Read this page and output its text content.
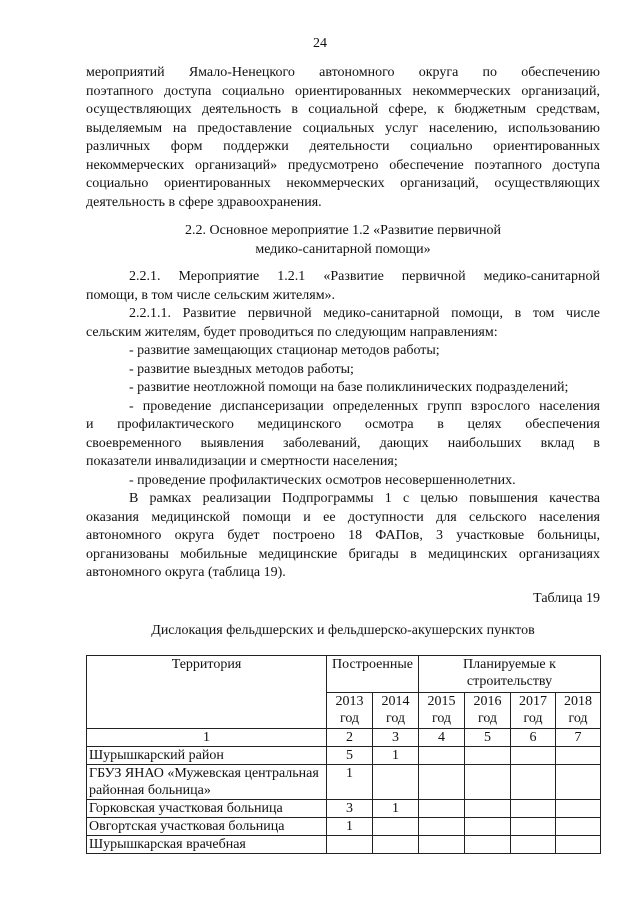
24
мероприятий Ямало-Ненецкого автономного округа по обеспечению
поэтапного доступа социально ориентированных некоммерческих организаций,
осуществляющих деятельность в социальной сфере, к бюджетным средствам,
выделяемым на предоставление социальных услуг населению, использованию
различных форм поддержки деятельности социально ориентированных
некоммерческих организаций» предусмотрено обеспечение поэтапного доступа
социально ориентированных некоммерческих организаций, осуществляющих
деятельность в сфере здравоохранения.
2.2. Основное мероприятие 1.2 «Развитие первичной
медико-санитарной помощи»
2.2.1. Мероприятие 1.2.1 «Развитие первичной медико-санитарной
помощи, в том числе сельским жителям».
2.2.1.1. Развитие первичной медико-санитарной помощи, в том числе
сельским жителям, будет проводиться по следующим направлениям:
- развитие замещающих стационар методов работы;
- развитие выездных методов работы;
- развитие неотложной помощи на базе поликлинических подразделений;
- проведение диспансеризации определенных групп взрослого населения
и профилактического медицинского осмотра в целях обеспечения
своевременного выявления заболеваний, дающих наибольших вклад в
показатели инвалидизации и смертности населения;
- проведение профилактических осмотров несовершеннолетних.
В рамках реализации Подпрограммы 1 с целью повышения качества
оказания медицинской помощи и ее доступности для сельского населения
автономного округа будет построено 18 ФАПов, 3 участковые больницы,
организованы мобильные медицинские бригады в медицинских организациях
автономного округа (таблица 19).
Таблица 19
Дислокация фельдшерских и фельдшерско-акушерских пунктов
Территория	Построенные		Планируемые к строительству			
	2013 год	2014 год	2015 год	2016 год	2017 год	2018 год
1	2	3	4	5	6	7
Шурышкарский район	5	1				
ГБУЗ ЯНАО «Мужевская центральная районная больница»	1					
Горковская участковая больница	3	1				
Овгортская участковая больница	1					
Шурышкарская врачебная						
